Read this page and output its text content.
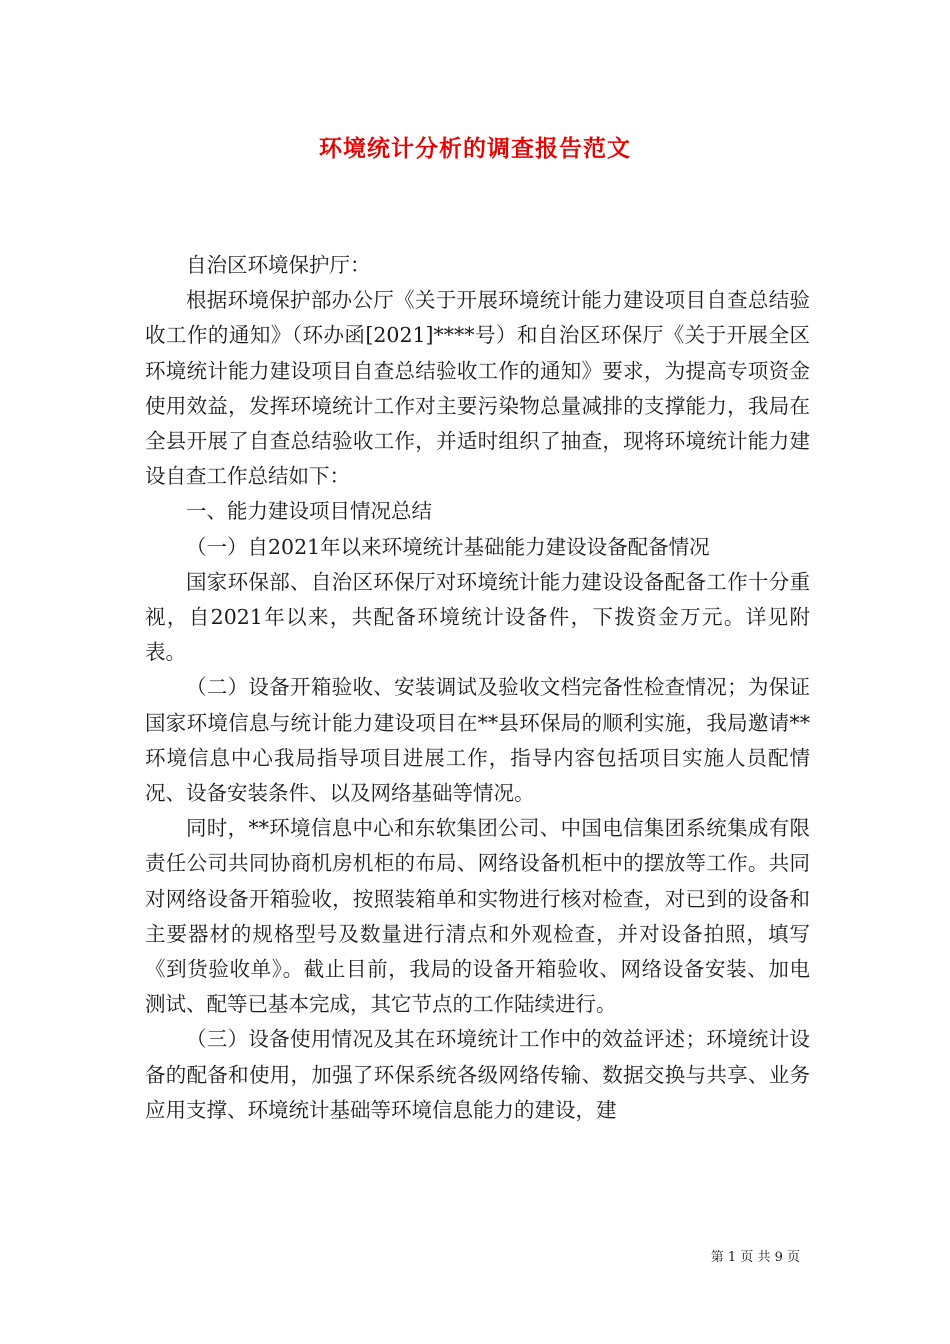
环境统计分析的调查报告范文

自治区环境保护厅：

根据环境保护部办公厅《关于开展环境统计能力建设项目自查总结验收工作的通知》（环办函[2021]****号）和自治区环保厅《关于开展全区环境统计能力建设项目自查总结验收工作的通知》要求，为提高专项资金使用效益，发挥环境统计工作对主要污染物总量减排的支撑能力，我局在全县开展了自查总结验收工作，并适时组织了抽查，现将环境统计能力建设自查工作总结如下：

一、能力建设项目情况总结

（一）自2021年以来环境统计基础能力建设设备配备情况

国家环保部、自治区环保厅对环境统计能力建设设备配备工作十分重视，自2021年以来，共配备环境统计设备件，下拨资金万元。详见附表。

（二）设备开箱验收、安装调试及验收文档完备性检查情况；为保证国家环境信息与统计能力建设项目在**县环保局的顺利实施，我局邀请**环境信息中心我局指导项目进展工作，指导内容包括项目实施人员配情况、设备安装条件、以及网络基础等情况。

同时，**环境信息中心和东软集团公司、中国电信集团系统集成有限责任公司共同协商机房机柜的布局、网络设备机柜中的摆放等工作。共同对网络设备开箱验收，按照装箱单和实物进行核对检查，对已到的设备和主要器材的规格型号及数量进行清点和外观检查，并对设备拍照，填写《到货验收单》。截止目前，我局的设备开箱验收、网络设备安装、加电测试、配等已基本完成，其它节点的工作陆续进行。

（三）设备使用情况及其在环境统计工作中的效益评述；环境统计设备的配备和使用，加强了环保系统各级网络传输、数据交换与共享、业务应用支撑、环境统计基础等环境信息能力的建设，建

第 1 页 共 9 页
